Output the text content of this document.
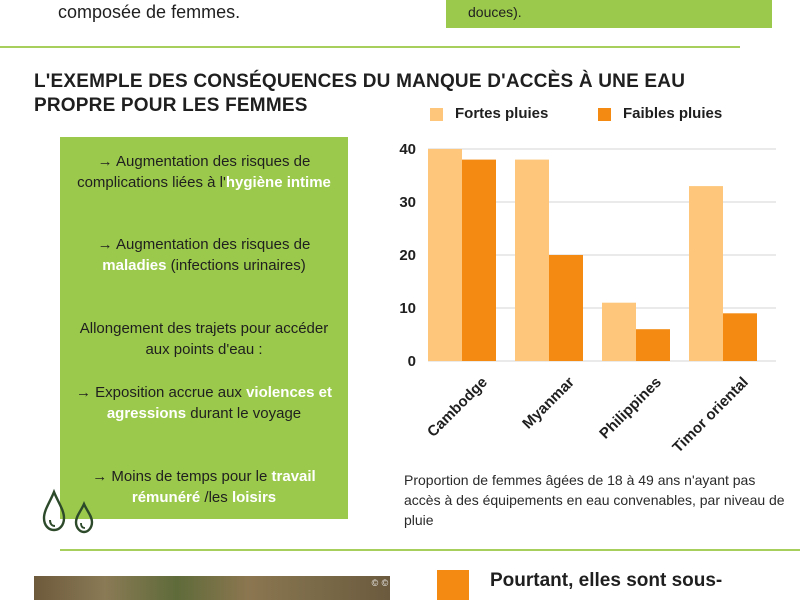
composée de femmes.	douces).
L'EXEMPLE DES CONSÉQUENCES DU MANQUE D'ACCÈS À UNE EAU PROPRE POUR LES FEMMES
→ Augmentation des risques de complications liées à l'hygiène intime
→ Augmentation des risques de maladies (infections urinaires)
Allongement des trajets pour accéder aux points d'eau :
→ Exposition accrue aux violences et agressions durant le voyage
→ Moins de temps pour le travail rémunéré /les loisirs
Fortes pluies	Faibles pluies
0
10
20
30
40
Cambodge Myanmar Philippines Timor oriental
Proportion de femmes âgées de 18 à 49 ans n'ayant pas accès à des équipements en eau convenables, par niveau de pluie
© ©	Pourtant, elles sont sous-
